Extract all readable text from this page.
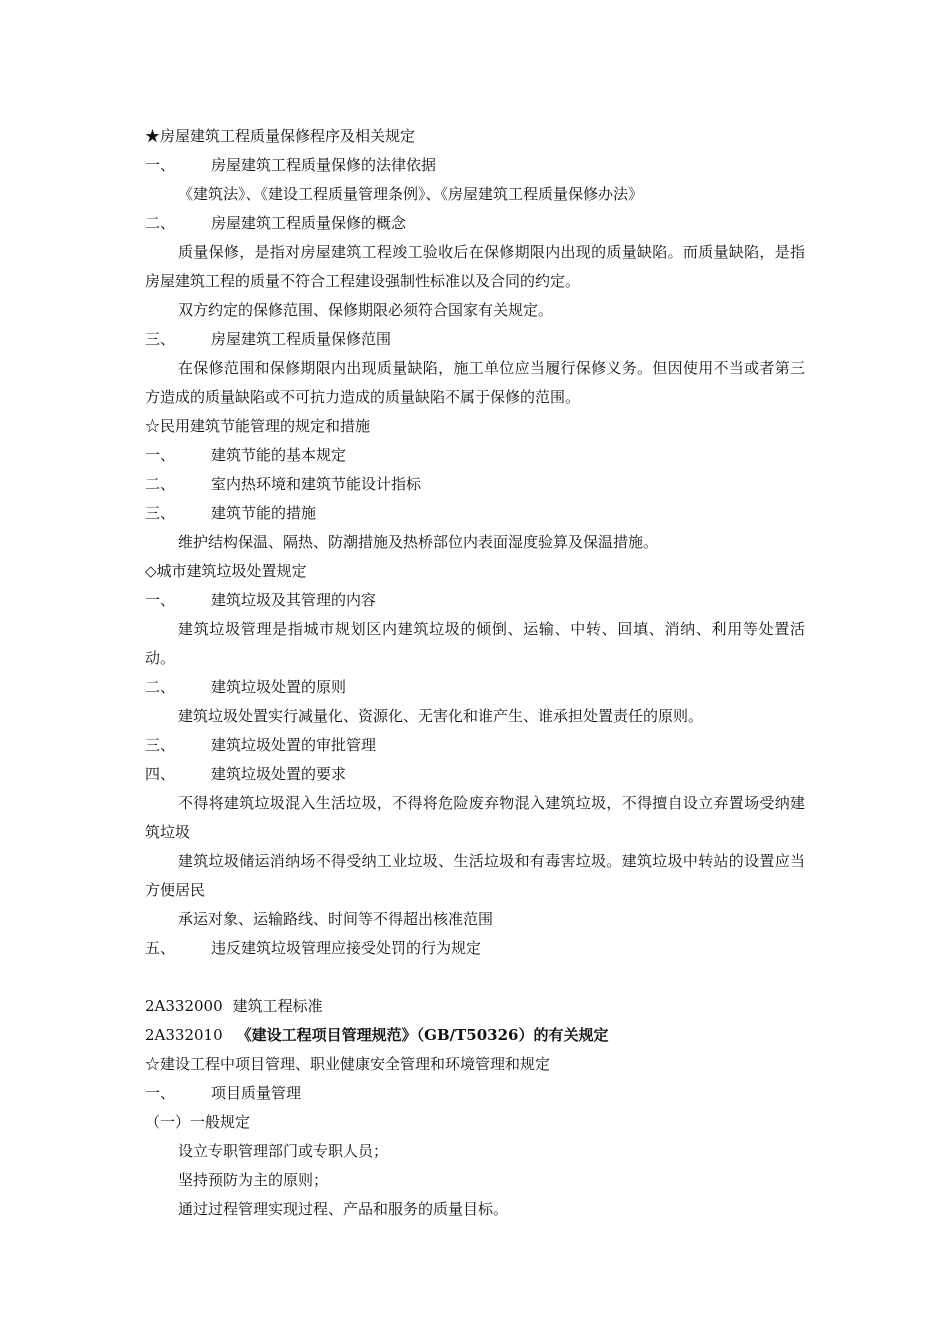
★房屋建筑工程质量保修程序及相关规定
一、 房屋建筑工程质量保修的法律依据
《建筑法》、《建设工程质量管理条例》、《房屋建筑工程质量保修办法》
二、 房屋建筑工程质量保修的概念
质量保修，是指对房屋建筑工程竣工验收后在保修期限内出现的质量缺陷。而质量缺陷，是指房屋建筑工程的质量不符合工程建设强制性标准以及合同的约定。
双方约定的保修范围、保修期限必须符合国家有关规定。
三、 房屋建筑工程质量保修范围
在保修范围和保修期限内出现质量缺陷，施工单位应当履行保修义务。但因使用不当或者第三方造成的质量缺陷或不可抗力造成的质量缺陷不属于保修的范围。
☆民用建筑节能管理的规定和措施
一、 建筑节能的基本规定
二、 室内热环境和建筑节能设计指标
三、 建筑节能的措施
维护结构保温、隔热、防潮措施及热桥部位内表面湿度验算及保温措施。
◇城市建筑垃圾处置规定
一、 建筑垃圾及其管理的内容
建筑垃圾管理是指城市规划区内建筑垃圾的倾倒、运输、中转、回填、消纳、利用等处置活动。
二、 建筑垃圾处置的原则
建筑垃圾处置实行减量化、资源化、无害化和谁产生、谁承担处置责任的原则。
三、 建筑垃圾处置的审批管理
四、 建筑垃圾处置的要求
不得将建筑垃圾混入生活垃圾，不得将危险废弃物混入建筑垃圾，不得擅自设立弃置场受纳建筑垃圾
建筑垃圾储运消纳场不得受纳工业垃圾、生活垃圾和有毒害垃圾。建筑垃圾中转站的设置应当方便居民
承运对象、运输路线、时间等不得超出核准范围
五、 违反建筑垃圾管理应接受处罚的行为规定
2A332000 建筑工程标准
2A332010 《建设工程项目管理规范》（GB/T50326）的有关规定
☆建设工程中项目管理、职业健康安全管理和环境管理和规定
一、 项目质量管理
（一）一般规定
设立专职管理部门或专职人员；
坚持预防为主的原则；
通过过程管理实现过程、产品和服务的质量目标。
